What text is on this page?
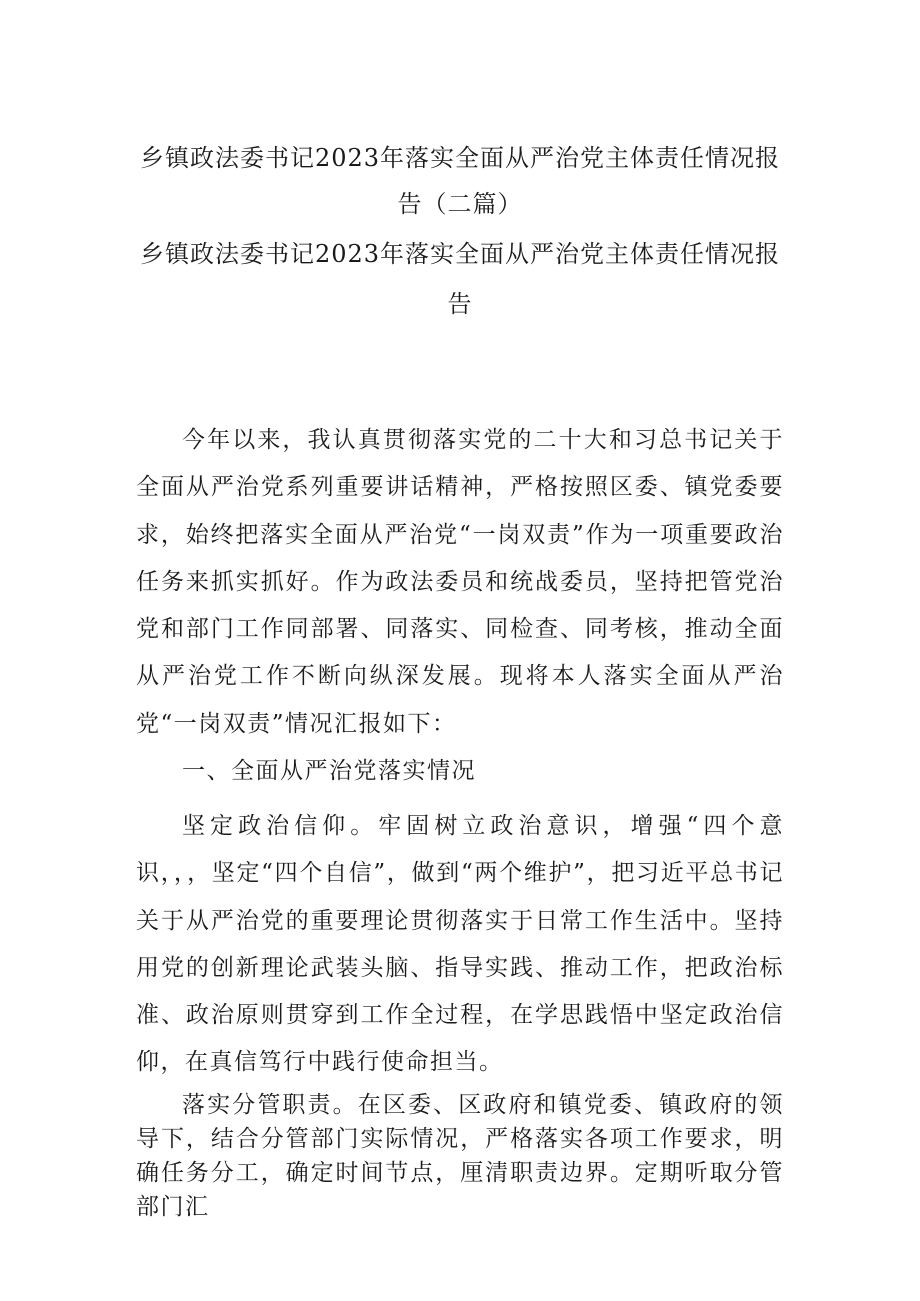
乡镇政法委书记2023年落实全面从严治党主体责任情况报
告（二篇）
乡镇政法委书记2023年落实全面从严治党主体责任情况报
告

今年以来，我认真贯彻落实党的二十大和习总书记关于全面从严治党系列重要讲话精神，严格按照区委、镇党委要求，始终把落实全面从严治党“一岗双责”作为一项重要政治任务来抓实抓好。作为政法委员和统战委员，坚持把管党治党和部门工作同部署、同落实、同检查、同考核，推动全面从严治党工作不断向纵深发展。现将本人落实全面从严治党“一岗双责”情况汇报如下：

一、全面从严治党落实情况

坚定政治信仰。牢固树立政治意识，增强“四个意识，，，坚定“四个自信”，做到“两个维护”，把习近平总书记关于从严治党的重要理论贯彻落实于日常工作生活中。坚持用党的创新理论武装头脑、指导实践、推动工作，把政治标准、政治原则贯穿到工作全过程，在学思践悟中坚定政治信仰，在真信笃行中践行使命担当。

落实分管职责。在区委、区政府和镇党委、镇政府的领导下，结合分管部门实际情况，严格落实各项工作要求，明确任务分工，确定时间节点，厘清职责边界。定期听取分管部门汇
